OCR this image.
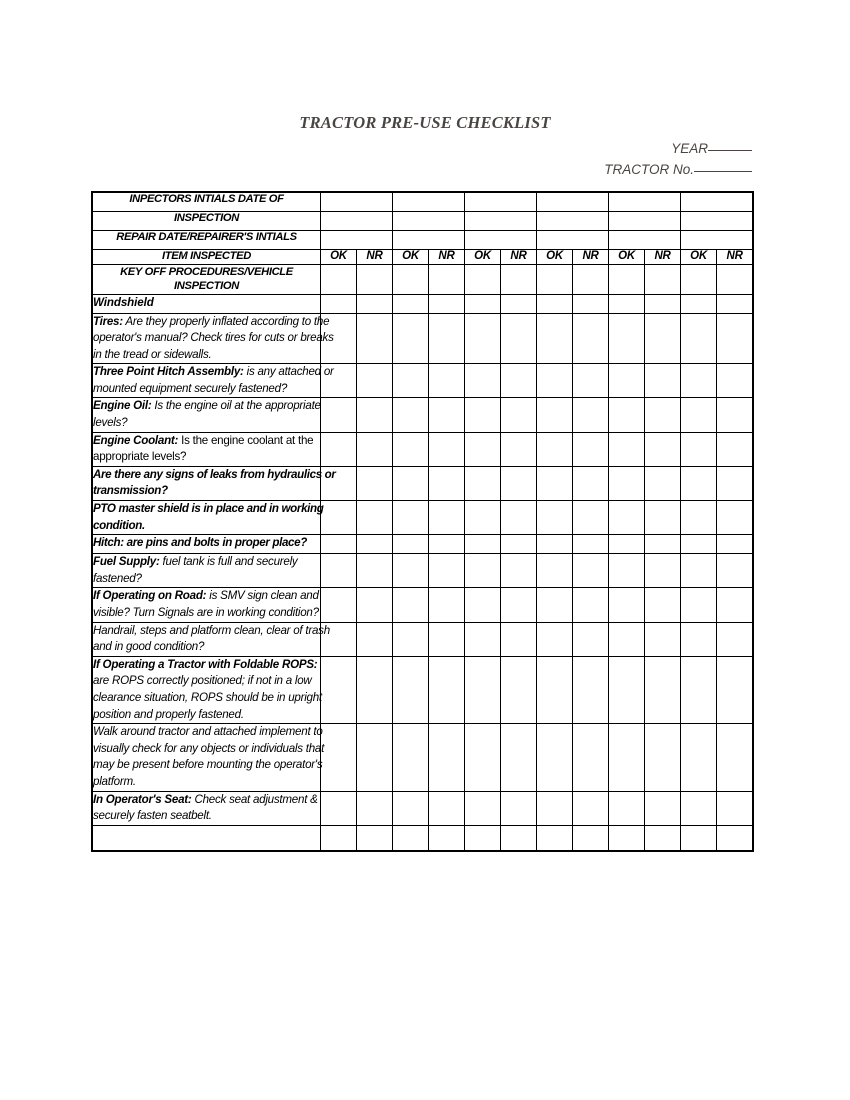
TRACTOR PRE-USE CHECKLIST
YEAR
TRACTOR No.
INPECTORS INTIALS DATE OF												
INSPECTION												
REPAIR DATE/REPAIRER'S INTIALS												
ITEM INSPECTED	OK	NR	OK	NR	OK	NR	OK	NR	OK	NR	OK	NR

KEY OFF PROCEDURES/VEHICLE
INSPECTION												

Windshield												

Tires: Are they properly inflated according to the operator's manual? Check tires for cuts or breaks in the tread or sidewalls.												

Three Point Hitch Assembly: is any attached or mounted equipment securely fastened?												

Engine Oil: Is the engine oil at the appropriate levels?												

Engine Coolant: Is the engine coolant at the appropriate levels?												

Are there any signs of leaks from hydraulics or transmission?												

PTO master shield is in place and in working condition.												

Hitch: are pins and bolts in proper place?												

Fuel Supply: fuel tank is full and securely fastened?												

If Operating on Road: is SMV sign clean and visible? Turn Signals are in working condition?												

Handrail, steps and platform clean, clear of trash and in good condition?												

If Operating a Tractor with Foldable ROPS: are ROPS correctly positioned; if not in a low clearance situation, ROPS should be in upright position and properly fastened.												

Walk around tractor and attached implement to visually check for any objects or individuals that may be present before mounting the operator's platform.												

In Operator's Seat: Check seat adjustment & securely fasten seatbelt.												
